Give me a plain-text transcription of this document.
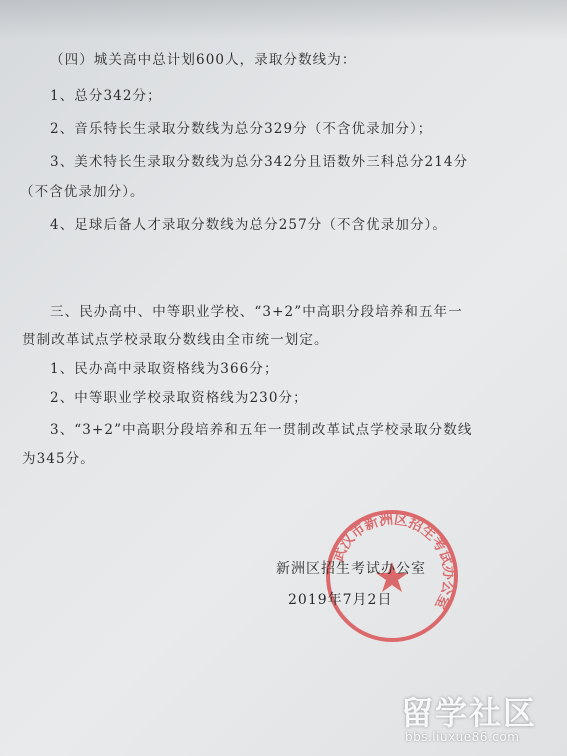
（四）城关高中总计划600人，录取分数线为：
1、总分342分；
2、音乐特长生录取分数线为总分329分（不含优录加分）；
3、美术特长生录取分数线为总分342分且语数外三科总分214分
（不含优录加分）。
4、足球后备人才录取分数线为总分257分（不含优录加分）。
三、民办高中、中等职业学校、“3+2”中高职分段培养和五年一
贯制改革试点学校录取分数线由全市统一划定。
1、民办高中录取资格线为366分；
2、中等职业学校录取资格线为230分；
3、“3+2”中高职分段培养和五年一贯制改革试点学校录取分数线
为345分。
武汉市新洲区招生考试办公室
新洲区招生考试办公室
2019年7月2日
留学社区
bbs.liuxue86.com
